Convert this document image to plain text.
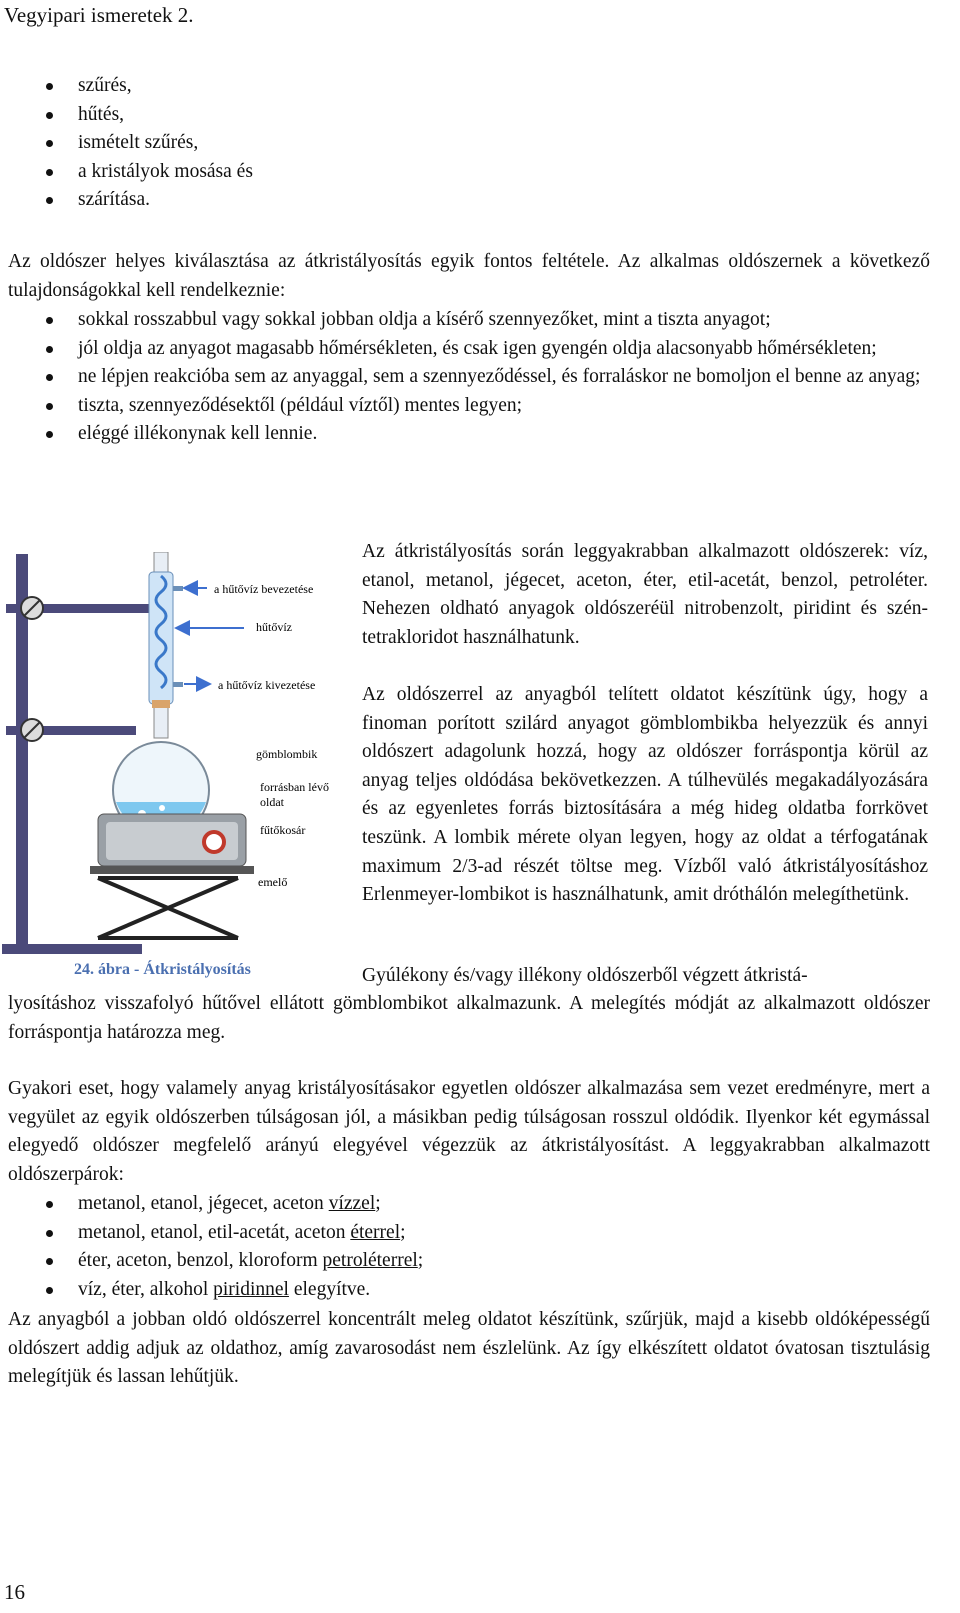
Vegyipari ismeretek 2.
szűrés,
hűtés,
ismételt szűrés,
a kristályok mosása és
szárítása.
Az oldószer helyes kiválasztása az átkristályosítás egyik fontos feltétele. Az alkalmas oldószernek a következő tulajdonságokkal kell rendelkeznie:
sokkal rosszabbul vagy sokkal jobban oldja a kísérő szennyezőket, mint a tiszta anyagot;
jól oldja az anyagot magasabb hőmérsékleten, és csak igen gyengén oldja alacsonyabb hőmérsékleten;
ne lépjen reakcióba sem az anyaggal, sem a szennyeződéssel, és forraláskor ne bomoljon el benne az anyag;
tiszta, szennyeződésektől (például víztől) mentes legyen;
eléggé illékonynak kell lennie.
a hűtővíz bevezetése
hűtővíz
a hűtővíz kivezetése
gömblombik
forrásban lévő
oldat
fűtőkosár
emelő
24. ábra - Átkristályosítás
Az átkristályosítás során leggyakrabban alkalmazott oldószerek: víz, etanol, metanol, jégecet, aceton, éter, etil-acetát, benzol, petroléter. Nehezen oldható anyagok oldószeréül nitrobenzolt, piridint és szén-tetrakloridot használhatunk.
Az oldószerrel az anyagból telített oldatot készítünk úgy, hogy a finoman porított szilárd anyagot gömblombikba helyezzük és annyi oldószert adagolunk hozzá, hogy az oldószer forráspontja körül az anyag teljes oldódása bekövetkezzen. A túlhevülés megakadályozására és az egyenletes forrás biztosítására a még hideg oldatba forrkövet teszünk. A lombik mérete olyan legyen, hogy az oldat a térfogatának maximum 2/3-ad részét töltse meg. Vízből való átkristályosításhoz Erlenmeyer-lombikot is használhatunk, amit dróthálón melegíthetünk.
Gyúlékony és/vagy illékony oldószerből végzett átkristá-
lyosításhoz visszafolyó hűtővel ellátott gömblombikot alkalmazunk. A melegítés módját az alkalmazott oldószer forráspontja határozza meg.
Gyakori eset, hogy valamely anyag kristályosításakor egyetlen oldószer alkalmazása sem vezet eredményre, mert a vegyület az egyik oldószerben túlságosan jól, a másikban pedig túlságosan rosszul oldódik. Ilyenkor két egymással elegyedő oldószer megfelelő arányú elegyével végezzük az átkristályosítást. A leggyakrabban alkalmazott oldószerpárok:
metanol, etanol, jégecet, aceton vízzel;
metanol, etanol, etil-acetát, aceton éterrel;
éter, aceton, benzol, kloroform petroléterrel;
víz, éter, alkohol piridinnel elegyítve.
Az anyagból a jobban oldó oldószerrel koncentrált meleg oldatot készítünk, szűrjük, majd a kisebb oldóképességű oldószert addig adjuk az oldathoz, amíg zavarosodást nem észlelünk. Az így elkészített oldatot óvatosan tisztulásig melegítjük és lassan lehűtjük.
16
